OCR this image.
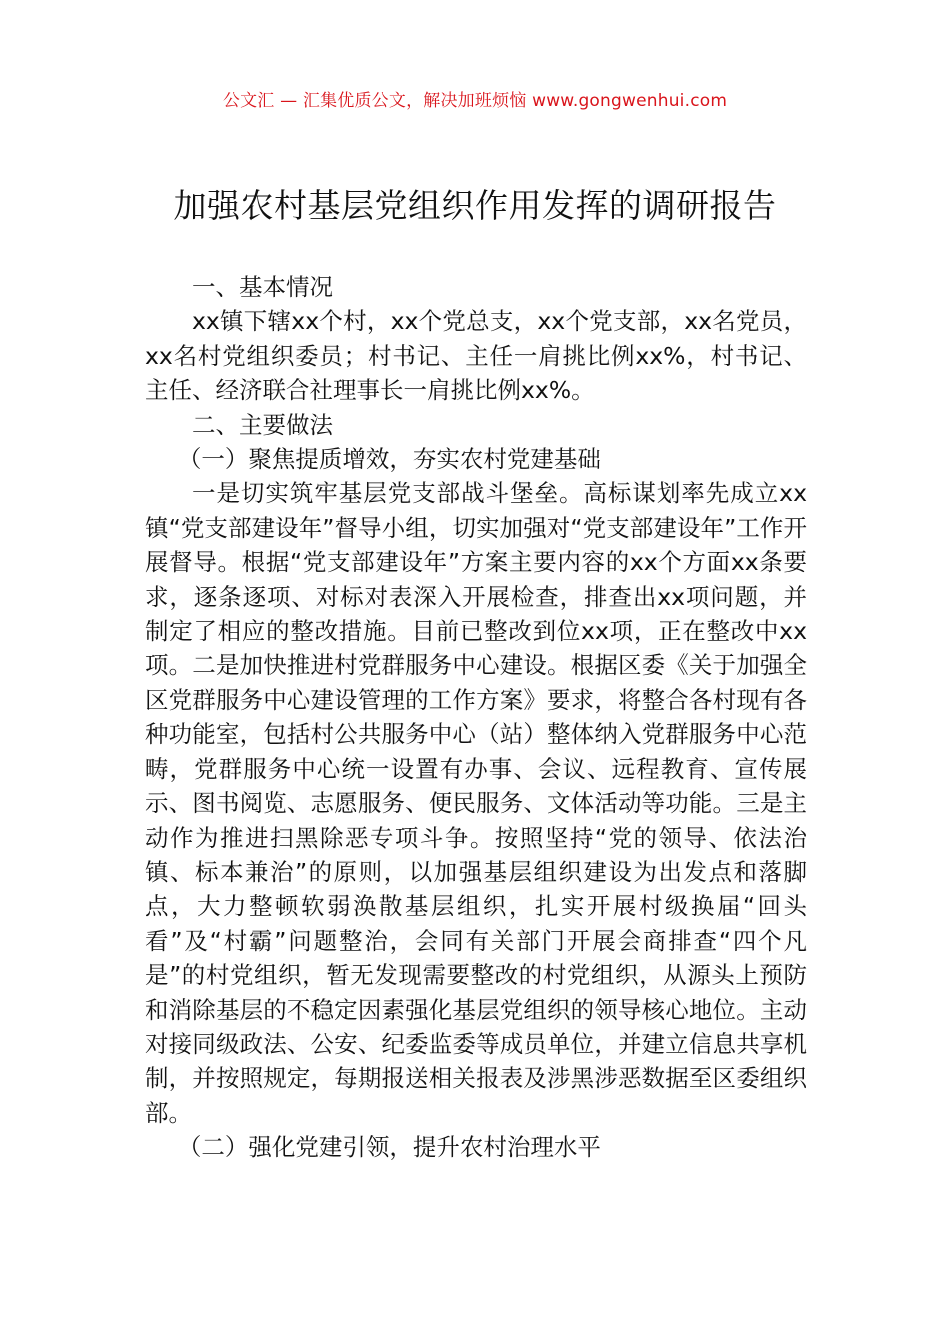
公文汇 — 汇集优质公文，解决加班烦恼 www.gongwenhui.com
加强农村基层党组织作用发挥的调研报告

一、基本情况

xx镇下辖xx个村，xx个党总支，xx个党支部，xx名党员，xx名村党组织委员；村书记、主任一肩挑比例xx%，村书记、主任、经济联合社理事长一肩挑比例xx%。

二、主要做法

（一）聚焦提质增效，夯实农村党建基础

一是切实筑牢基层党支部战斗堡垒。高标谋划率先成立xx镇“党支部建设年”督导小组，切实加强对“党支部建设年”工作开展督导。根据“党支部建设年”方案主要内容的xx个方面xx条要求，逐条逐项、对标对表深入开展检查，排查出xx项问题，并制定了相应的整改措施。目前已整改到位xx项，正在整改中xx项。二是加快推进村党群服务中心建设。根据区委《关于加强全区党群服务中心建设管理的工作方案》要求，将整合各村现有各种功能室，包括村公共服务中心（站）整体纳入党群服务中心范畴，党群服务中心统一设置有办事、会议、远程教育、宣传展示、图书阅览、志愿服务、便民服务、文体活动等功能。三是主动作为推进扫黑除恶专项斗争。按照坚持“党的领导、依法治镇、标本兼治”的原则，以加强基层组织建设为出发点和落脚点，大力整顿软弱涣散基层组织，扎实开展村级换届“回头看”及“村霸”问题整治，会同有关部门开展会商排查“四个凡是”的村党组织，暂无发现需要整改的村党组织，从源头上预防和消除基层的不稳定因素强化基层党组织的领导核心地位。主动对接同级政法、公安、纪委监委等成员单位，并建立信息共享机制，并按照规定，每期报送相关报表及涉黑涉恶数据至区委组织部。

（二）强化党建引领，提升农村治理水平
